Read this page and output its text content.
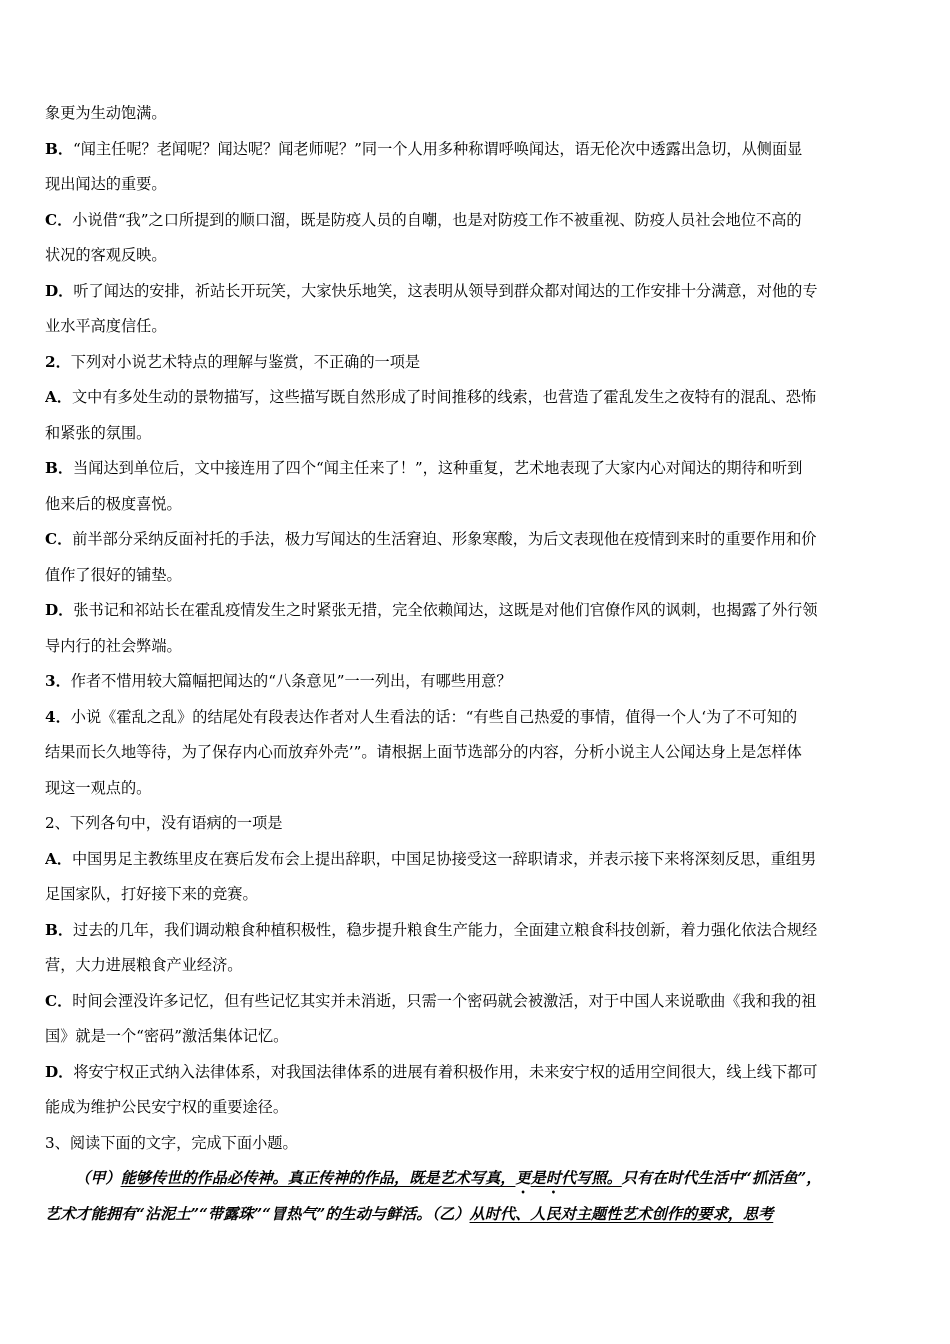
象更为生动饱满。
B．“闻主任呢？老闻呢？闻达呢？闻老师呢？”同一个人用多种称谓呼唤闻达，语无伦次中透露出急切，从侧面显
现出闻达的重要。
C．小说借“我”之口所提到的顺口溜，既是防疫人员的自嘲，也是对防疫工作不被重视、防疫人员社会地位不高的
状况的客观反映。
D．听了闻达的安排，祈站长开玩笑，大家快乐地笑，这表明从领导到群众都对闻达的工作安排十分满意，对他的专
业水平高度信任。
2．下列对小说艺术特点的理解与鉴赏，不正确的一项是
A．文中有多处生动的景物描写，这些描写既自然形成了时间推移的线索，也营造了霍乱发生之夜特有的混乱、恐怖
和紧张的氛围。
B．当闻达到单位后，文中接连用了四个“闻主任来了！”，这种重复，艺术地表现了大家内心对闻达的期待和听到
他来后的极度喜悦。
C．前半部分采纳反面衬托的手法，极力写闻达的生活窘迫、形象寒酸，为后文表现他在疫情到来时的重要作用和价
值作了很好的铺垫。
D．张书记和祁站长在霍乱疫情发生之时紧张无措，完全依赖闻达，这既是对他们官僚作风的讽刺，也揭露了外行领
导内行的社会弊端。
3．作者不惜用较大篇幅把闻达的“八条意见”一一列出，有哪些用意？
4．小说《霍乱之乱》的结尾处有段表达作者对人生看法的话：“有些自己热爱的事情，值得一个人‘为了不可知的
结果而长久地等待，为了保存内心而放弃外壳’”。请根据上面节选部分的内容，分析小说主人公闻达身上是怎样体
现这一观点的。
2、下列各句中，没有语病的一项是
A．中国男足主教练里皮在赛后发布会上提出辞职，中国足协接受这一辞职请求，并表示接下来将深刻反思，重组男
足国家队，打好接下来的竞赛。
B．过去的几年，我们调动粮食种植积极性，稳步提升粮食生产能力，全面建立粮食科技创新，着力强化依法合规经
营，大力进展粮食产业经济。
C．时间会湮没许多记忆，但有些记忆其实并未消逝，只需一个密码就会被激活，对于中国人来说歌曲《我和我的祖
国》就是一个“密码”激活集体记忆。
D．将安宁权正式纳入法律体系，对我国法律体系的进展有着积极作用，未来安宁权的适用空间很大，线上线下都可
能成为维护公民安宁权的重要途径。
3、阅读下面的文字，完成下面小题。
（甲）能够传世的作品必传神。真正传神的作品，既是艺术写真，更是时代写照。只有在时代生活中“抓活鱼”，
艺术才能拥有“沾泥土”“带露珠”“冒热气”的生动与鲜活。（乙）从时代、人民对主题性艺术创作的要求，思考
